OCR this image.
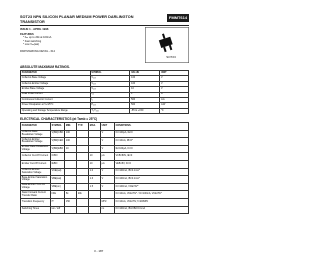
SOT23 NPN SILICON PLANAR MEDIUM POWER DARLINGTON TRANSISTOR
FMMT614
ISSUE 1 - APRIL 1996
FEATURES
* hₑₑ up to 20k at 100mA
* Fast switching
* Low Vₑₑ(sat)
PARTMARKING DETAIL - 614
SOT23
ABSOLUTE MAXIMUM RATINGS.
PARAMETER	SYMBOL	VALUE	UNIT
Collector-Base Voltage	V₁₂₃	100	V
Collector-Emitter Voltage	V₁₂₃	100	V
Emitter-Base Voltage	V₁₂₃	10	V
Peak Pulse Current	I₁₂	1	A
Continuous Collector Current	I₁	500	mA
Power Dissipation at Tₐ=25°C	P₁₂₃	500	mW
Operating and Storage Temperature Range	T₁:T₂₃₄	-55 to +150	°C
ELECTRICAL CHARACTERISTICS (at Tamb = 25°C)
PARAMETER	SYMBOL	MIN.	TYP.	MAX.	UNIT	CONDITIONS.
Collector-Base Breakdown Voltage	V(BR)CBO	100			V	IC=100µA, IE=0
Collector-Emitter Breakdown Voltage	V(BR)CEO	100			V	IC=10mA, IB=0*
Emitter-Base Breakdown Voltage	V(BR)EBO	10			V	IE=100µA, IC=0
Collector Cut-Off Current	ICBO			10	µA	VCB=80V, IE=0
Emitter Cut-Off Current	IEBO			10	µA	VEB=8V, IC=0
Collector-Emitter Saturation Voltage	VCE(sat)			1.0	V	IC=100mA, IB=0.1mA*
Base-Emitter Saturation Voltage	VBE(sat)			1.6	V	IC=100mA, IB=0.1mA*
Base-Emitter Turn-On Voltage	VBE(on)			1.5	V	IC=100mA, VCE=5V*
Static Forward Current Transfer Ratio	hFE	5k	20k			IC=10mA, VCE=5V* / IC=100mA, VCE=5V*
Transition Frequency	fT	150			MHz	IC=10mA, VCE=5V, f=100MHz
Switching Times	ton / toff				ns	IC=100mA, IB1=IB2=0.1mA
3 - 187
